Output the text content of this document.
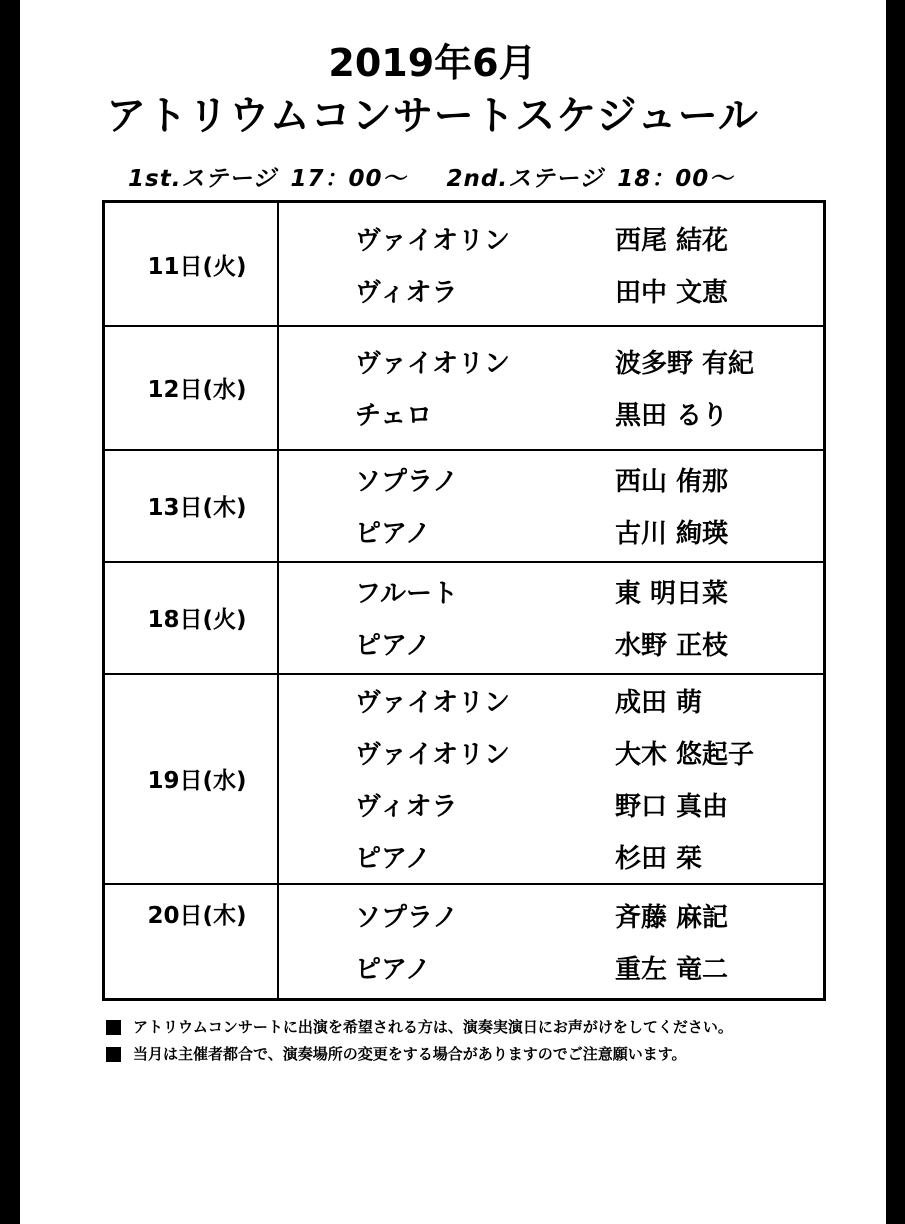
2019年6月
アトリウムコンサートスケジュール
1st.ステージ 17：00～ 2nd.ステージ 18：00～
11日(火)
ヴァイオリン	西尾 結花
ヴィオラ	田中 文恵
12日(水)
ヴァイオリン	波多野 有紀
チェロ	黒田 るり
13日(木)
ソプラノ	西山 侑那
ピアノ	古川 絢瑛
18日(火)
フルート	東 明日菜
ピアノ	水野 正枝
19日(水)
ヴァイオリン	成田 萌
ヴァイオリン	大木 悠起子
ヴィオラ	野口 真由
ピアノ	杉田 栞
20日(木)	ソプラノ	斉藤 麻記
ピアノ	重左 竜二
アトリウムコンサートに出演を希望される方は、演奏実演日にお声がけをしてください。
当月は主催者都合で、演奏場所の変更をする場合がありますのでご注意願います。
